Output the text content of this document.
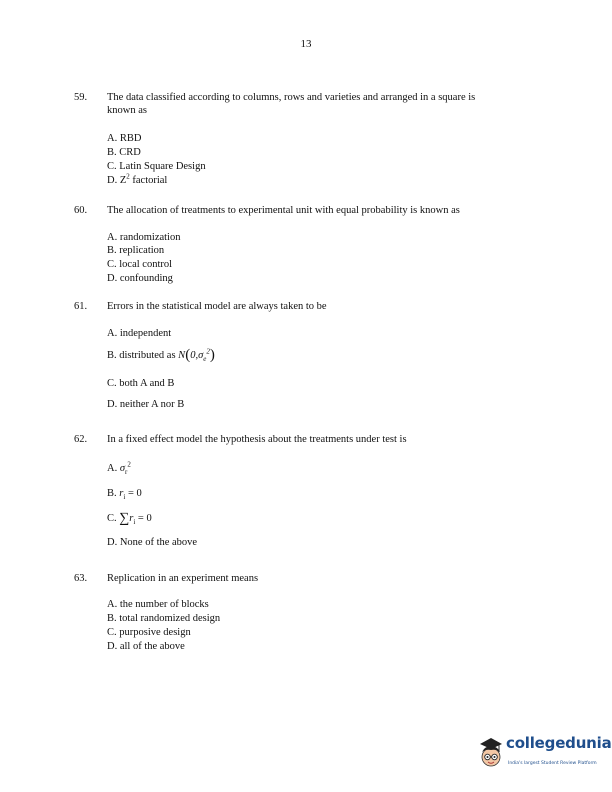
13
59. The data classified according to columns, rows and varieties and arranged in a square is
known as
A. RBD
B. CRD
C. Latin Square Design
D. $Z^2$ factorial
60. The allocation of treatments to experimental unit with equal probability is known as
A. randomization
B. replication
C. local control
D. confounding
61. Errors in the statistical model are always taken to be
A. independent
B. distributed as $N(0,\sigma_e^2)$
C. both A and B
D. neither A nor B
62. In a fixed effect model the hypothesis about the treatments under test is
A. $\sigma_r^2$
B. $r_i = 0$
C. $\sum r_i = 0$
D. None of the above
63. Replication in an experiment means
A. the number of blocks
B. total randomized design
C. purposive design
D. all of the above
collegedunia
India's largest Student Review Platform
